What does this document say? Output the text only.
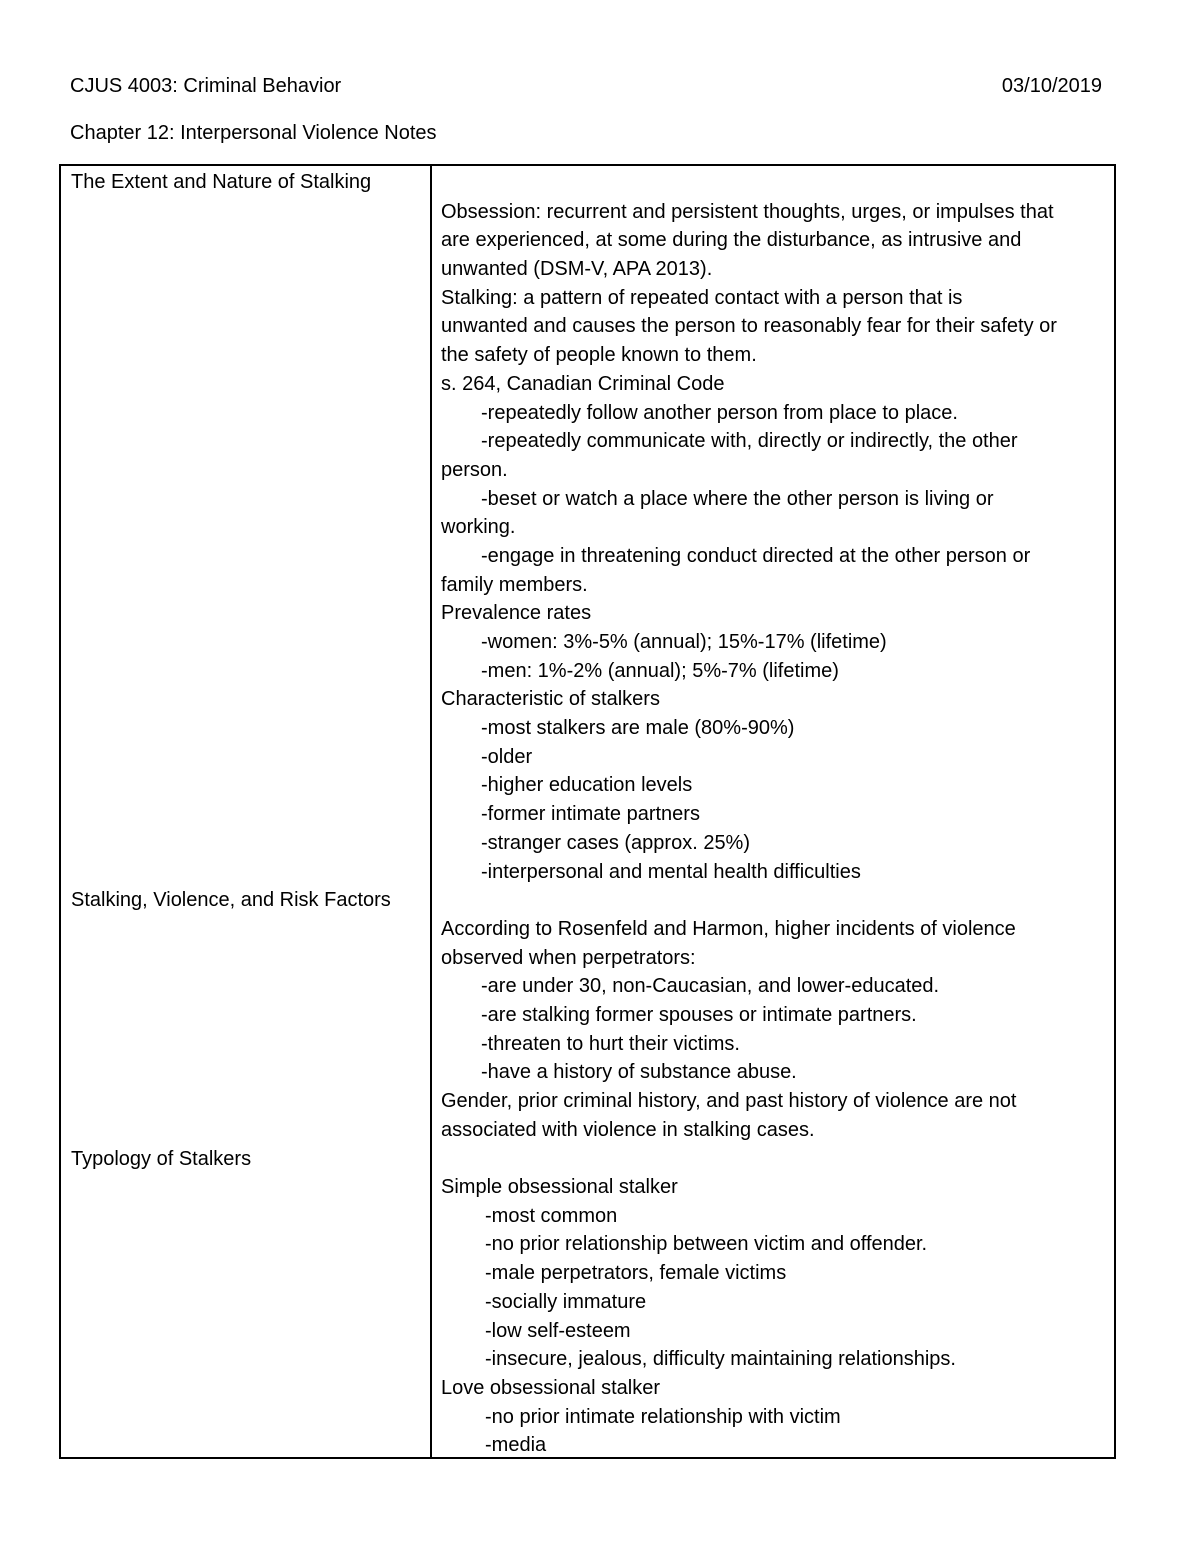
CJUS 4003: Criminal Behavior	03/10/2019
Chapter 12: Interpersonal Violence Notes
The Extent and Nature of Stalking
Stalking, Violence, and Risk Factors
Typology of Stalkers
Obsession: recurrent and persistent thoughts, urges, or impulses that
are experienced, at some during the disturbance, as intrusive and
unwanted (DSM-V, APA 2013).
Stalking: a pattern of repeated contact with a person that is
unwanted and causes the person to reasonably fear for their safety or
the safety of people known to them.
s. 264, Canadian Criminal Code
-repeatedly follow another person from place to place.
-repeatedly communicate with, directly or indirectly, the other
person.
-beset or watch a place where the other person is living or
working.
-engage in threatening conduct directed at the other person or
family members.
Prevalence rates
-women: 3%-5% (annual); 15%-17% (lifetime)
-men: 1%-2% (annual); 5%-7% (lifetime)
Characteristic of stalkers
-most stalkers are male (80%-90%)
-older
-higher education levels
-former intimate partners
-stranger cases (approx. 25%)
-interpersonal and mental health difficulties
According to Rosenfeld and Harmon, higher incidents of violence
observed when perpetrators:
-are under 30, non-Caucasian, and lower-educated.
-are stalking former spouses or intimate partners.
-threaten to hurt their victims.
-have a history of substance abuse.
Gender, prior criminal history, and past history of violence are not
associated with violence in stalking cases.
Simple obsessional stalker
-most common
-no prior relationship between victim and offender.
-male perpetrators, female victims
-socially immature
-low self-esteem
-insecure, jealous, difficulty maintaining relationships.
Love obsessional stalker
-no prior intimate relationship with victim
-media
